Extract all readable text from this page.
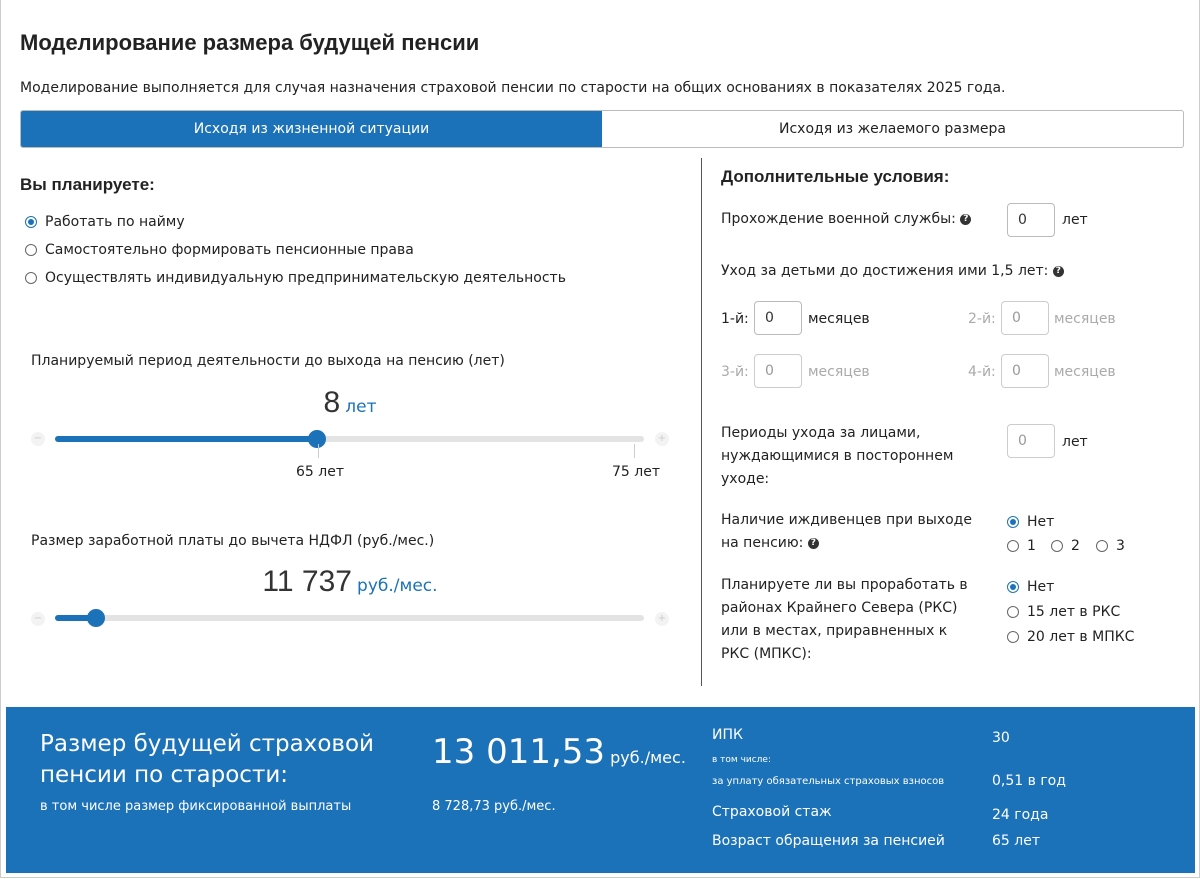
Моделирование размера будущей пенсии
Моделирование выполняется для случая назначения страховой пенсии по старости на общих основаниях в показателях 2025 года.
Исходя из жизненной ситуации	Исходя из желаемого размера
Вы планируете:
Работать по найму
Самостоятельно формировать пенсионные права
Осуществлять индивидуальную предпринимательскую деятельность
Планируемый период деятельности до выхода на пенсию (лет)
8 лет
−	+
65 лет	75 лет
Размер заработной платы до вычета НДФЛ (руб./мес.)
11 737 руб./мес.
−	+
Дополнительные условия:
Прохождение военной службы: ?	0	лет
Уход за детьми до достижения ими 1,5 лет: ?
1-й:	0	месяцев	2-й:	0	месяцев
3-й:	0	месяцев	4-й:	0	месяцев
Периоды ухода за лицами, нуждающимися в постороннем уходе:
0	лет
Наличие иждивенцев при выходе на пенсию: ?
Нет
1	2	3
Планируете ли вы проработать в районах Крайнего Севера (РКС) или в местах, приравненных к РКС (МПКС):
Нет
15 лет в РКС
20 лет в МПКС
Размер будущей страховой пенсии по старости:
13 011,53 руб./мес.
в том числе размер фиксированной выплаты	8 728,73 руб./мес.
ИПК	30
в том числе:
за уплату обязательных страховых взносов	0,51 в год
Страховой стаж	24 года
Возраст обращения за пенсией	65 лет
